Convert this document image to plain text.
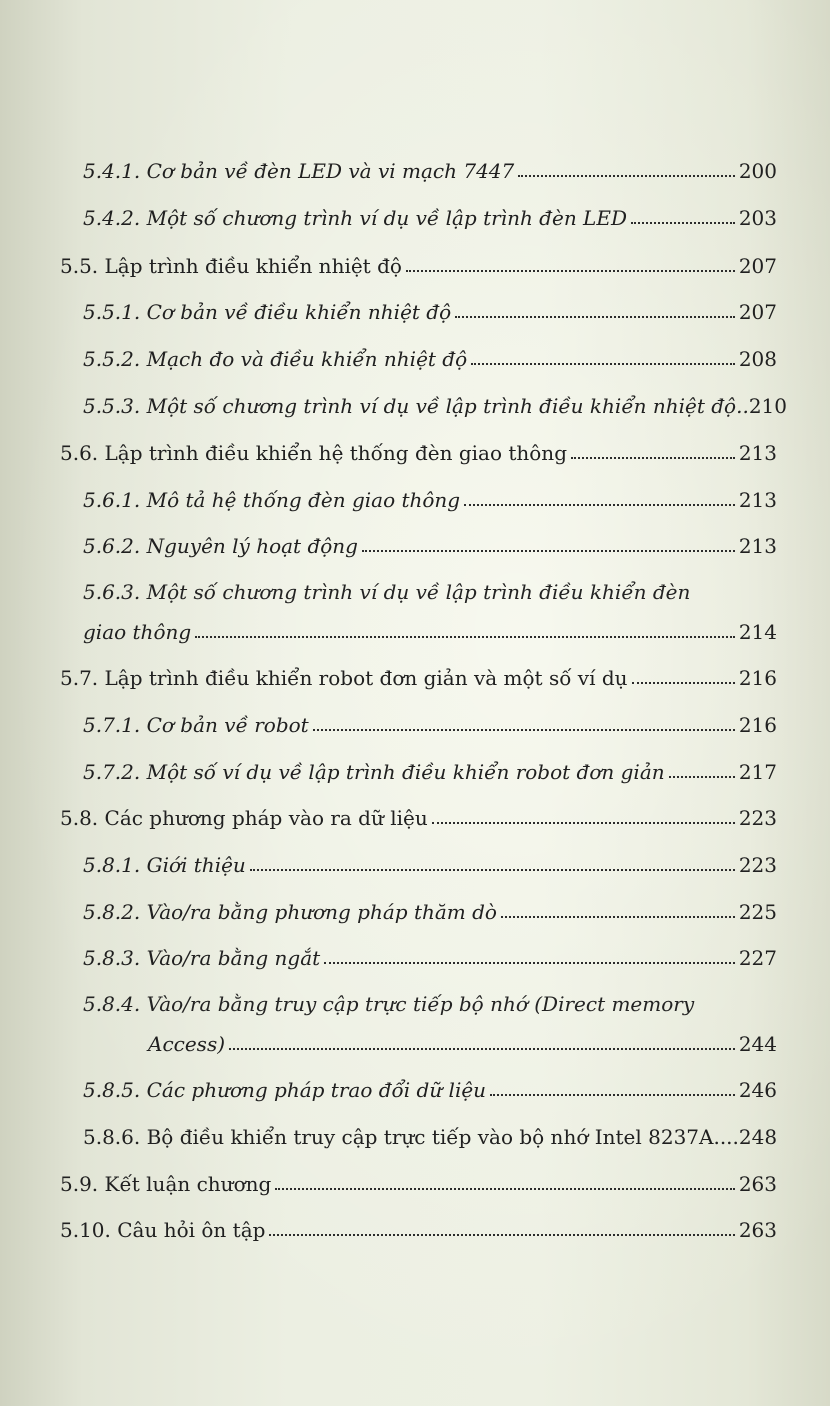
5.4.1. Cơ bản về đèn LED và vi mạch 7447	200
5.4.2. Một số chương trình ví dụ về lập trình đèn LED	203
5.5. Lập trình điều khiển nhiệt độ	207
5.5.1. Cơ bản về điều khiển nhiệt độ	207
5.5.2. Mạch đo và điều khiển nhiệt độ	208
5.5.3. Một số chương trình ví dụ về lập trình điều khiển nhiệt độ.. 210
5.6. Lập trình điều khiển hệ thống đèn giao thông	213
5.6.1. Mô tả hệ thống đèn giao thông	213
5.6.2. Nguyên lý hoạt động	213
5.6.3. Một số chương trình ví dụ về lập trình điều khiển đèn
giao thông	214
5.7. Lập trình điều khiển robot đơn giản và một số ví dụ	216
5.7.1. Cơ bản về robot	216
5.7.2. Một số ví dụ về lập trình điều khiển robot đơn giản	217
5.8. Các phương pháp vào ra dữ liệu	223
5.8.1. Giới thiệu	223
5.8.2. Vào/ra bằng phương pháp thăm dò	225
5.8.3. Vào/ra bằng ngắt	227
5.8.4. Vào/ra bằng truy cập trực tiếp bộ nhớ (Direct memory
Access)	244
5.8.5. Các phương pháp trao đổi dữ liệu	246
5.8.6. Bộ điều khiển truy cập trực tiếp vào bộ nhớ Intel 8237A.... 248
5.9. Kết luận chương	263
5.10. Câu hỏi ôn tập	263
